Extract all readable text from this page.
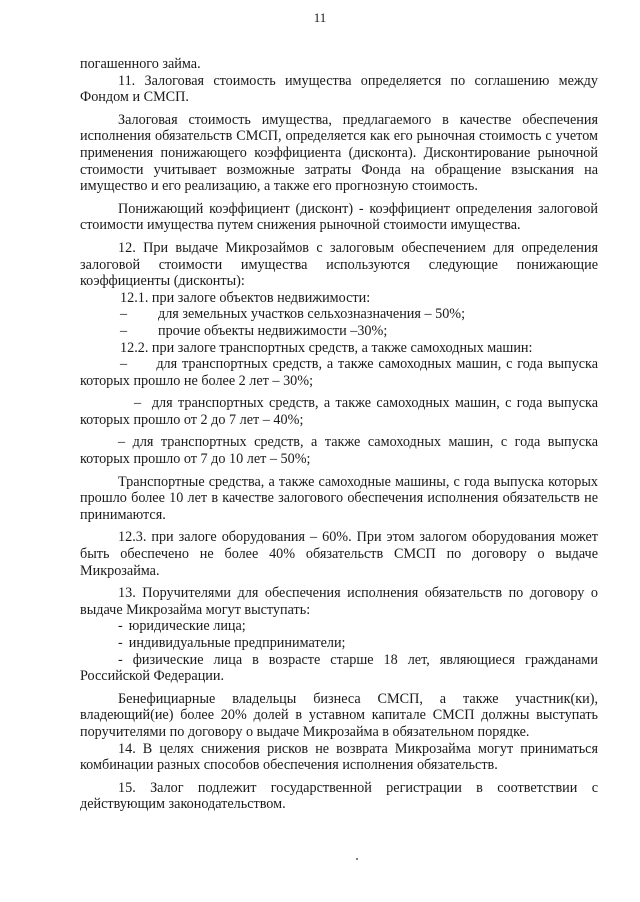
11

погашенного займа.

11. Залоговая стоимость имущества определяется по соглашению между Фондом и СМСП.

Залоговая стоимость имущества, предлагаемого в качестве обеспечения исполнения обязательств СМСП, определяется как его рыночная стоимость с учетом применения понижающего коэффициента (дисконта). Дисконтирование рыночной стоимости учитывает возможные затраты Фонда на обращение взыскания на имущество и его реализацию, а также его прогнозную стоимость.

Понижающий коэффициент (дисконт) - коэффициент определения залоговой стоимости имущества путем снижения рыночной стоимости имущества.

12. При выдаче Микрозаймов с залоговым обеспечением для определения залоговой стоимости имущества используются следующие понижающие коэффициенты (дисконты):

12.1. при залоге объектов недвижимости:

– для земельных участков сельхозназначения – 50%;
– прочие объекты недвижимости –30%;

12.2. при залоге транспортных средств, а также самоходных машин:

–      для транспортных средств, а также самоходных машин, с года выпуска которых прошло не более 2 лет – 30%;

–  для транспортных средств, а также самоходных машин, с года выпуска которых прошло от 2 до 7 лет – 40%;

– для транспортных средств, а также самоходных машин, с года выпуска которых прошло от 7 до 10 лет – 50%;

Транспортные средства, а также самоходные машины, с года выпуска которых прошло более 10 лет в качестве залогового обеспечения исполнения обязательств не принимаются.

12.3. при залоге оборудования – 60%. При этом залогом оборудования может быть обеспечено не более 40% обязательств СМСП по договору о выдаче Микрозайма.

13. Поручителями для обеспечения исполнения обязательств по договору о выдаче Микрозайма могут выступать:

- юридические лица;
- индивидуальные предприниматели;

- физические лица в возрасте старше 18 лет, являющиеся гражданами Российской Федерации.

Бенефициарные владельцы бизнеса СМСП, а также участник(ки), владеющий(ие) более 20% долей в уставном капитале СМСП должны выступать поручителями по договору о выдаче Микрозайма в обязательном порядке.

14. В целях снижения рисков не возврата Микрозайма могут приниматься комбинации разных способов обеспечения исполнения обязательств.

15. Залог подлежит государственной регистрации в соответствии с действующим законодательством.
